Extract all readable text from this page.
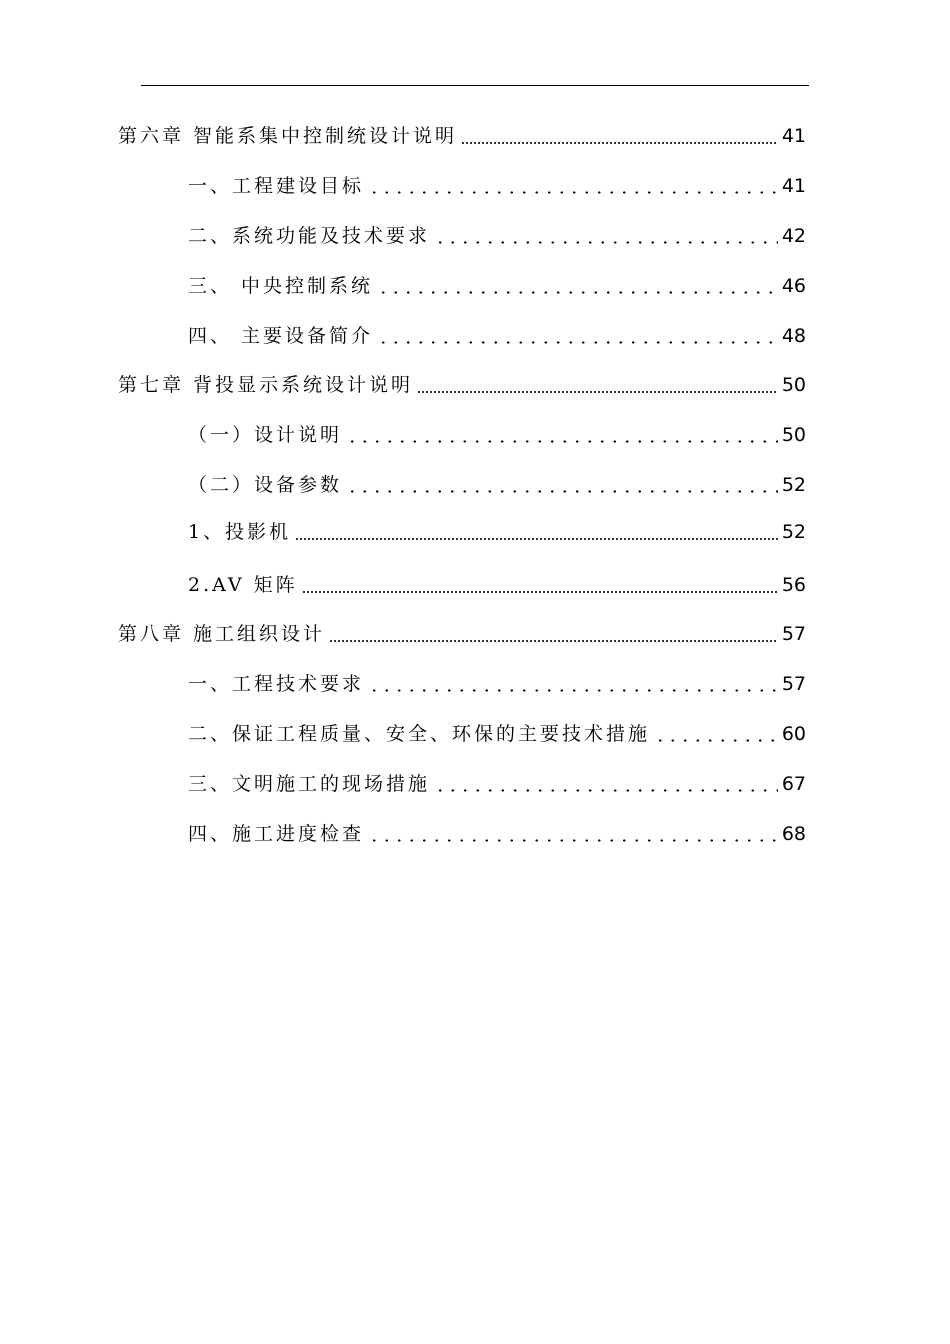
第六章 智能系集中控制统设计说明	41
一、工程建设目标	41
二、系统功能及技术要求	42
三、 中央控制系统	46
四、 主要设备简介	48
第七章 背投显示系统设计说明	50
（一）设计说明	50
（二）设备参数	52
1、投影机	52
2.AV 矩阵	56
第八章 施工组织设计	57
一、工程技术要求	57
二、保证工程质量、安全、环保的主要技术措施	60
三、文明施工的现场措施	67
四、施工进度检查	68
